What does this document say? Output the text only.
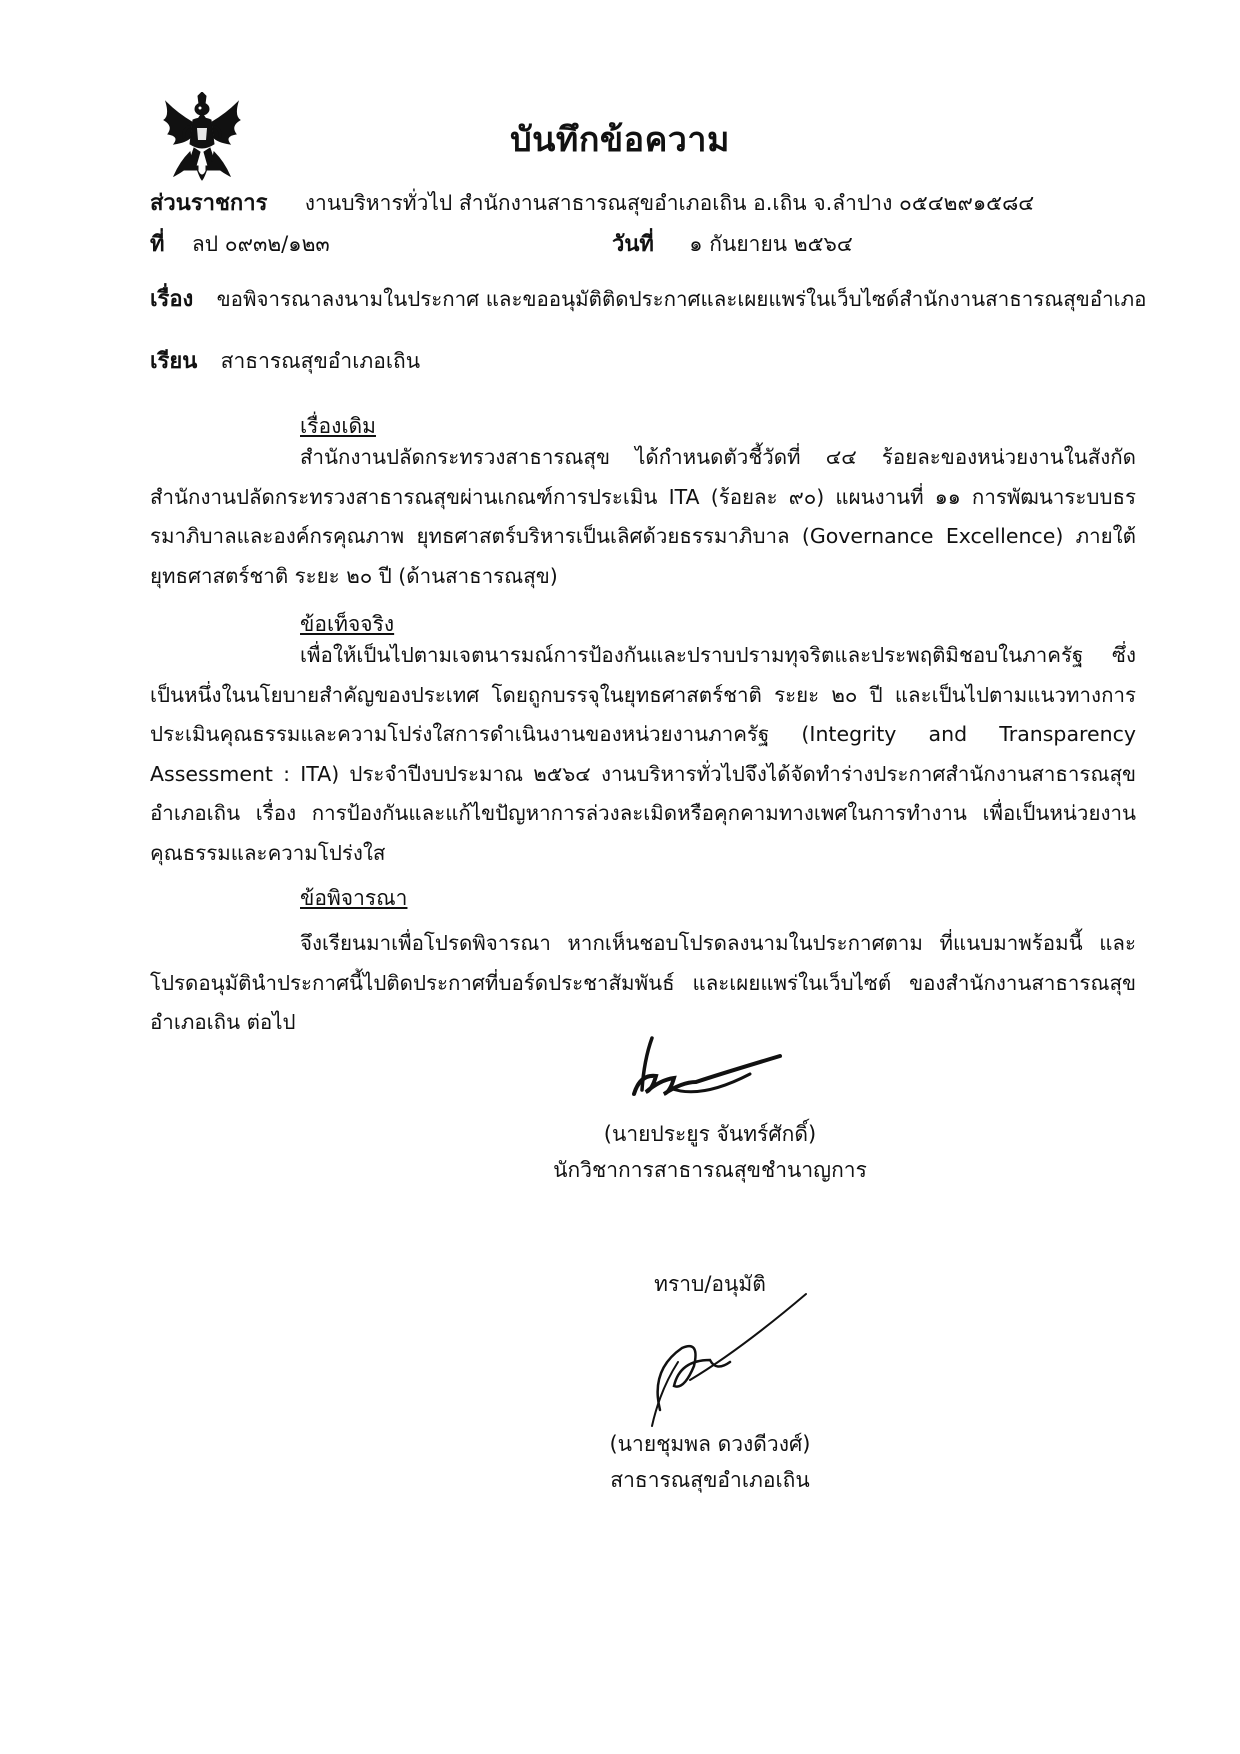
บันทึกข้อความ
ส่วนราชการ งานบริหารทั่วไป สำนักงานสาธารณสุขอำเภอเถิน อ.เถิน จ.ลำปาง ๐๕๔๒๙๑๕๘๔
ที่ ลป ๐๙๓๒/๑๒๓	วันที่ ๑ กันยายน ๒๕๖๔
เรื่อง ขอพิจารณาลงนามในประกาศ และขออนุมัติติดประกาศและเผยแพร่ในเว็บไซด์สำนักงานสาธารณสุขอำเภอ
เรียน สาธารณสุขอำเภอเถิน
เรื่องเดิม

สำนักงานปลัดกระทรวงสาธารณสุข ได้กำหนดตัวชี้วัดที่ ๔๔ ร้อยละของหน่วยงานในสังกัดสำนักงานปลัดกระทรวงสาธารณสุขผ่านเกณฑ์การประเมิน ITA (ร้อยละ ๙๐) แผนงานที่ ๑๑ การพัฒนาระบบธรรมาภิบาลและองค์กรคุณภาพ ยุทธศาสตร์บริหารเป็นเลิศด้วยธรรมาภิบาล (Governance Excellence) ภายใต้ยุทธศาสตร์ชาติ ระยะ ๒๐ ปี (ด้านสาธารณสุข)

ข้อเท็จจริง

เพื่อให้เป็นไปตามเจตนารมณ์การป้องกันและปราบปรามทุจริตและประพฤติมิชอบในภาครัฐ ซึ่งเป็นหนึ่งในนโยบายสำคัญของประเทศ โดยถูกบรรจุในยุทธศาสตร์ชาติ ระยะ ๒๐ ปี และเป็นไปตามแนวทางการประเมินคุณธรรมและความโปร่งใสการดำเนินงานของหน่วยงานภาครัฐ (Integrity and Transparency Assessment : ITA) ประจำปีงบประมาณ ๒๕๖๔ งานบริหารทั่วไปจึงได้จัดทำร่างประกาศสำนักงานสาธารณสุขอำเภอเถิน เรื่อง การป้องกันและแก้ไขปัญหาการล่วงละเมิดหรือคุกคามทางเพศในการทำงาน เพื่อเป็นหน่วยงานคุณธรรมและความโปร่งใส

ข้อพิจารณา

จึงเรียนมาเพื่อโปรดพิจารณา หากเห็นชอบโปรดลงนามในประกาศตาม ที่แนบมาพร้อมนี้ และโปรดอนุมัตินำประกาศนี้ไปติดประกาศที่บอร์ดประชาสัมพันธ์ และเผยแพร่ในเว็บไซต์ ของสำนักงานสาธารณสุขอำเภอเถิน ต่อไป

(นายประยูร จันทร์ศักดิ์)
นักวิชาการสาธารณสุขชำนาญการ
ทราบ/อนุมัติ
(นายชุมพล ดวงดีวงศ์)
สาธารณสุขอำเภอเถิน
